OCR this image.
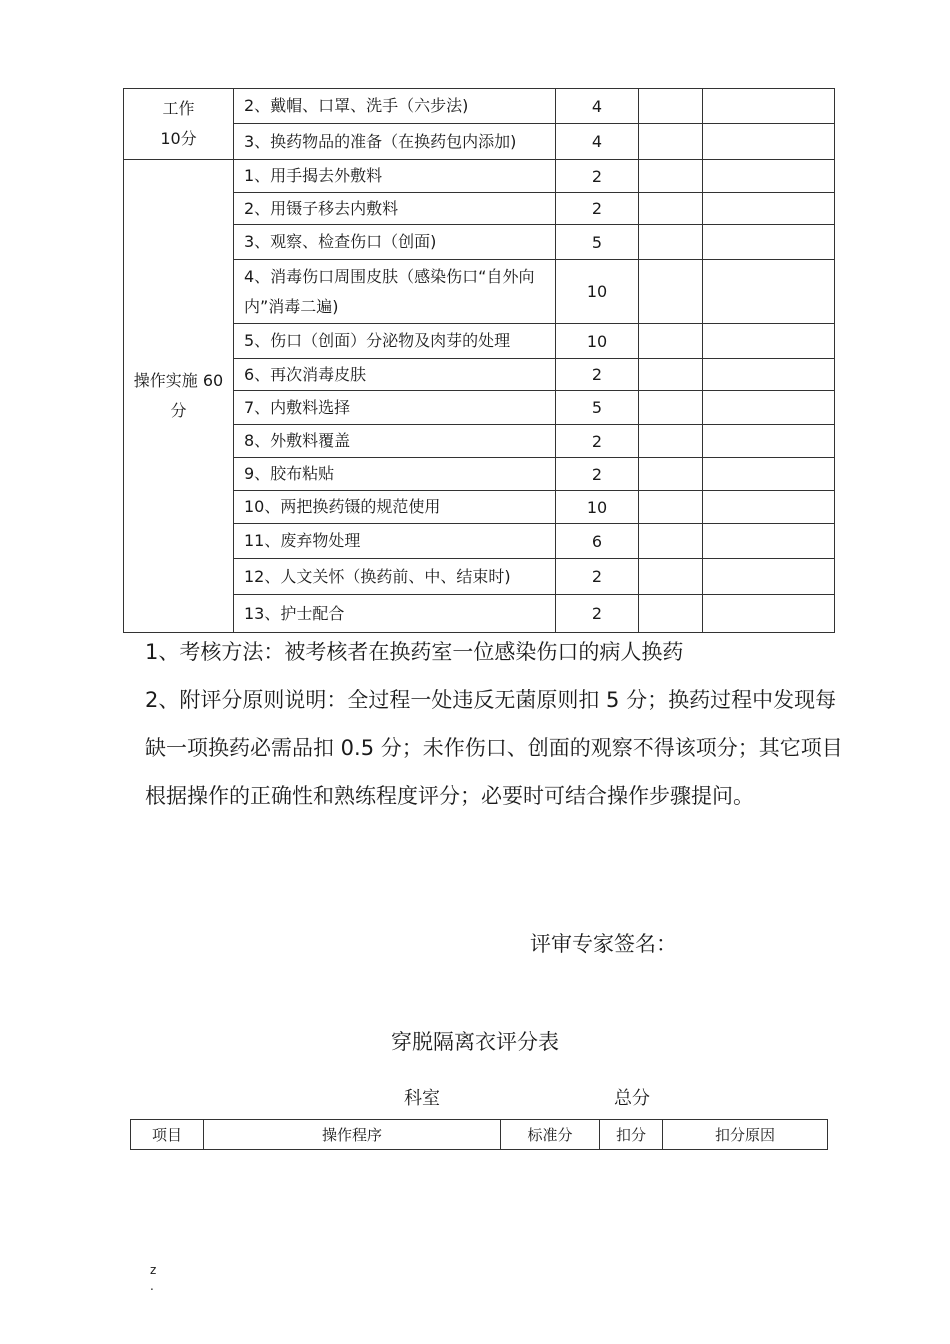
工作
10分	2、戴帽、口罩、洗手（六步法)	4		
	3、换药物品的准备（在换药包内添加)	4		
操作实施 60
分	1、用手揭去外敷料	2		
	2、用镊子移去内敷料	2		
	3、观察、检查伤口（创面)	5		
	4、消毒伤口周围皮肤（感染伤口“自外向内”消毒二遍)	10		
	5、伤口（创面）分泌物及肉芽的处理	10		
	6、再次消毒皮肤	2		
	7、内敷料选择	5		
	8、外敷料覆盖	2		
	9、胶布粘贴	2		
	10、两把换药镊的规范使用	10		
	11、废弃物处理	6		
	12、人文关怀（换药前、中、结束时)	2		
	13、护士配合	2		

1、考核方法：被考核者在换药室一位感染伤口的病人换药

2、附评分原则说明：全过程一处违反无菌原则扣 5 分；换药过程中发现每缺一项换药必需品扣 0.5 分；未作伤口、创面的观察不得该项分；其它项目根据操作的正确性和熟练程度评分；必要时可结合操作步骤提问。

评审专家签名：
穿脱隔离衣评分表
科室	总分
项目	操作程序	标准分	扣分	扣分原因
z
.
